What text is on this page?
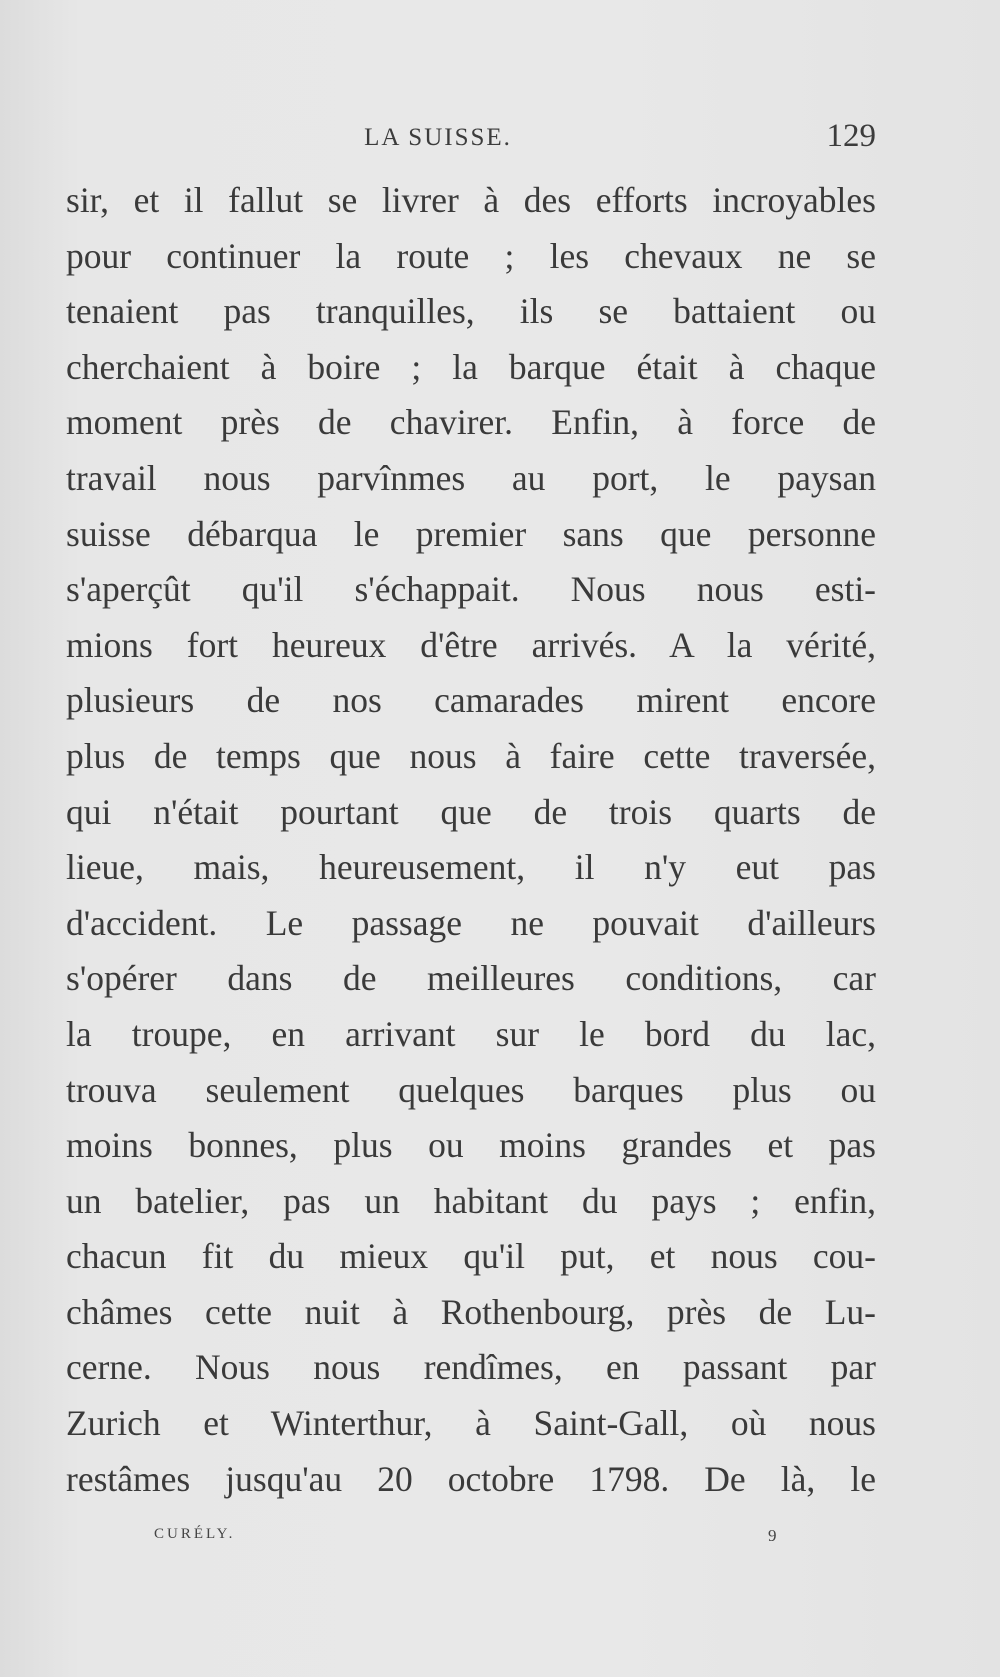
LA SUISSE.	129
sir, et il fallut se livrer à des efforts incroyables
pour continuer la route ; les chevaux ne se
tenaient pas tranquilles, ils se battaient ou
cherchaient à boire ; la barque était à chaque
moment près de chavirer. Enfin, à force de
travail nous parvînmes au port, le paysan
suisse débarqua le premier sans que personne
s'aperçût qu'il s'échappait. Nous nous esti-
mions fort heureux d'être arrivés. A la vérité,
plusieurs de nos camarades mirent encore
plus de temps que nous à faire cette traversée,
qui n'était pourtant que de trois quarts de
lieue, mais, heureusement, il n'y eut pas
d'accident. Le passage ne pouvait d'ailleurs
s'opérer dans de meilleures conditions, car
la troupe, en arrivant sur le bord du lac,
trouva seulement quelques barques plus ou
moins bonnes, plus ou moins grandes et pas
un batelier, pas un habitant du pays ; enfin,
chacun fit du mieux qu'il put, et nous cou-
châmes cette nuit à Rothenbourg, près de Lu-
cerne. Nous nous rendîmes, en passant par
Zurich et Winterthur, à Saint-Gall, où nous
restâmes jusqu'au 20 octobre 1798. De là, le
CURÉLY.	9
